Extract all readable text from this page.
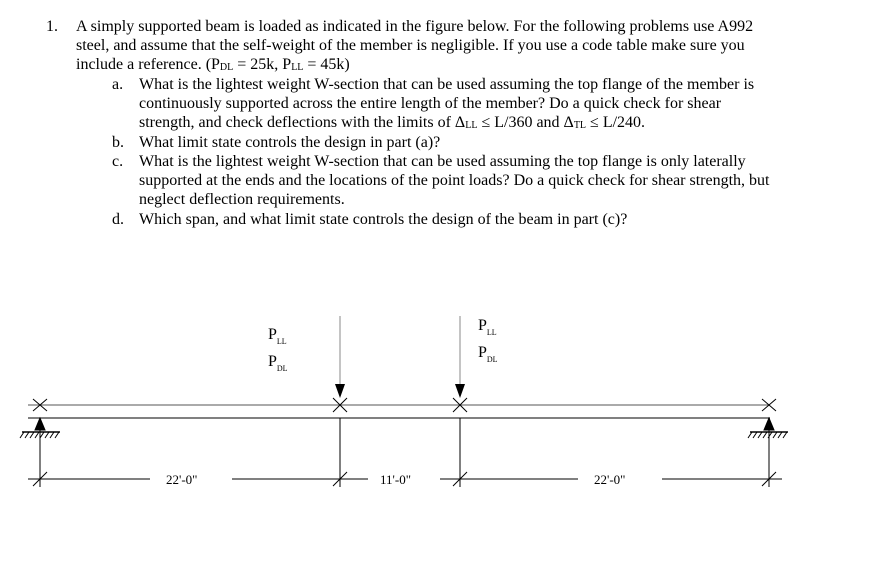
1. A simply supported beam is loaded as indicated in the figure below. For the following problems use A992
steel, and assume that the self-weight of the member is negligible. If you use a code table make sure you
include a reference. ($P_{DL} = 25k$, $P_{LL} = 45k$)
a. What is the lightest weight W-section that can be used assuming the top flange of the member is
continuously supported across the entire length of the member? Do a quick check for shear
strength, and check deflections with the limits of $\Delta_{LL} \le L/360$ and $\Delta_{TL} \le L/240$.
b. What limit state controls the design in part (a)?
c. What is the lightest weight W-section that can be used assuming the top flange is only laterally
supported at the ends and the locations of the point loads? Do a quick check for shear strength, but
neglect deflection requirements.
d. Which span, and what limit state controls the design of the beam in part (c)?
$P_{LL}$
$P_{DL}$
$P_{LL}$
$P_{DL}$
22'-0"	11'-0"	22'-0"
